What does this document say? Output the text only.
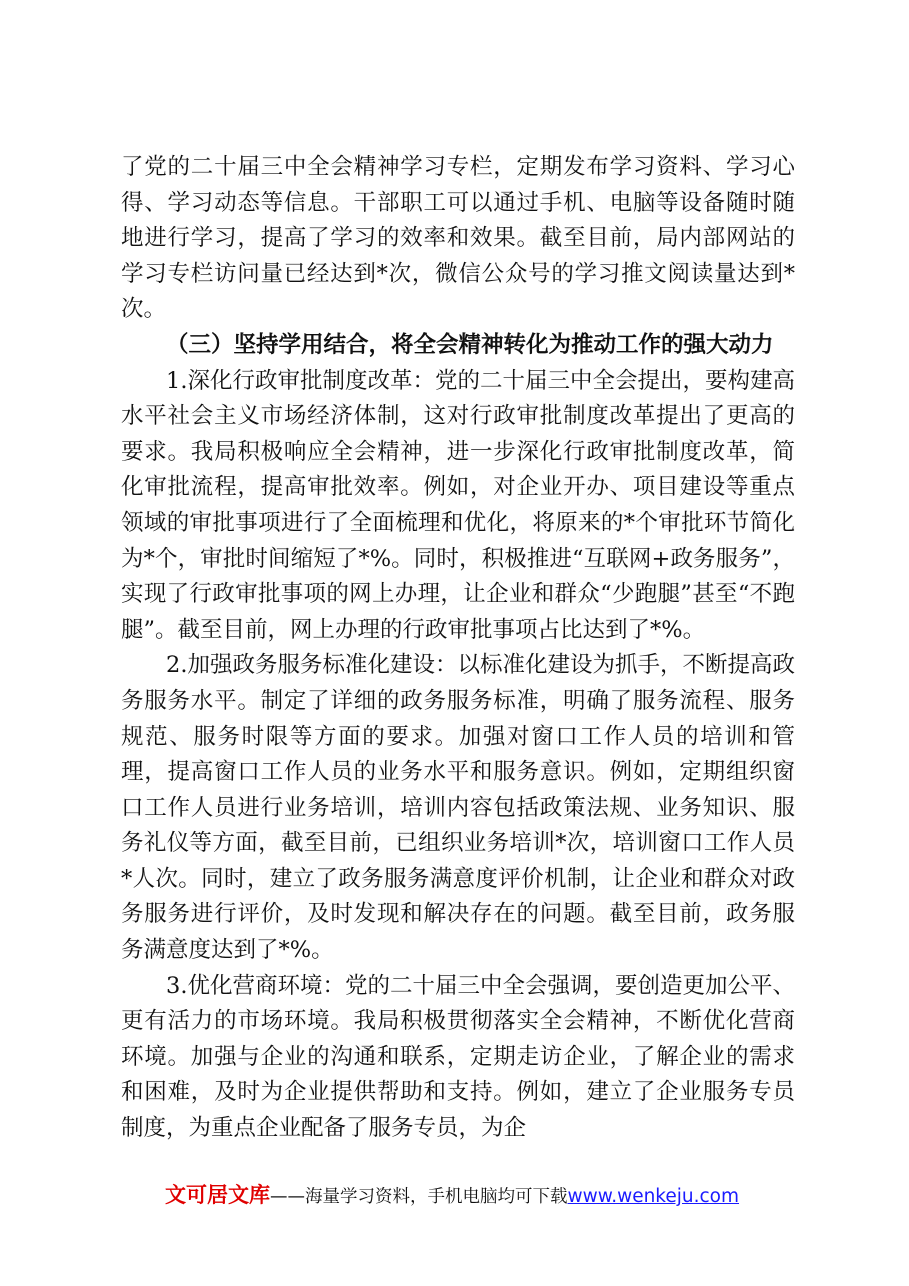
了党的二十届三中全会精神学习专栏，定期发布学习资料、学习心得、学习动态等信息。干部职工可以通过手机、电脑等设备随时随地进行学习，提高了学习的效率和效果。截至目前，局内部网站的学习专栏访问量已经达到*次，微信公众号的学习推文阅读量达到*次。

（三）坚持学用结合，将全会精神转化为推动工作的强大动力

1.深化行政审批制度改革：党的二十届三中全会提出，要构建高水平社会主义市场经济体制，这对行政审批制度改革提出了更高的要求。我局积极响应全会精神，进一步深化行政审批制度改革，简化审批流程，提高审批效率。例如，对企业开办、项目建设等重点领域的审批事项进行了全面梳理和优化，将原来的*个审批环节简化为*个，审批时间缩短了*%。同时，积极推进“互联网+政务服务”，实现了行政审批事项的网上办理，让企业和群众“少跑腿”甚至“不跑腿”。截至目前，网上办理的行政审批事项占比达到了*%。

2.加强政务服务标准化建设：以标准化建设为抓手，不断提高政务服务水平。制定了详细的政务服务标准，明确了服务流程、服务规范、服务时限等方面的要求。加强对窗口工作人员的培训和管理，提高窗口工作人员的业务水平和服务意识。例如，定期组织窗口工作人员进行业务培训，培训内容包括政策法规、业务知识、服务礼仪等方面，截至目前，已组织业务培训*次，培训窗口工作人员*人次。同时，建立了政务服务满意度评价机制，让企业和群众对政务服务进行评价，及时发现和解决存在的问题。截至目前，政务服务满意度达到了*%。

3.优化营商环境：党的二十届三中全会强调，要创造更加公平、更有活力的市场环境。我局积极贯彻落实全会精神，不断优化营商环境。加强与企业的沟通和联系，定期走访企业，了解企业的需求和困难，及时为企业提供帮助和支持。例如，建立了企业服务专员制度，为重点企业配备了服务专员，为企

文可居文库——海量学习资料，手机电脑均可下载www.wenkeju.com
